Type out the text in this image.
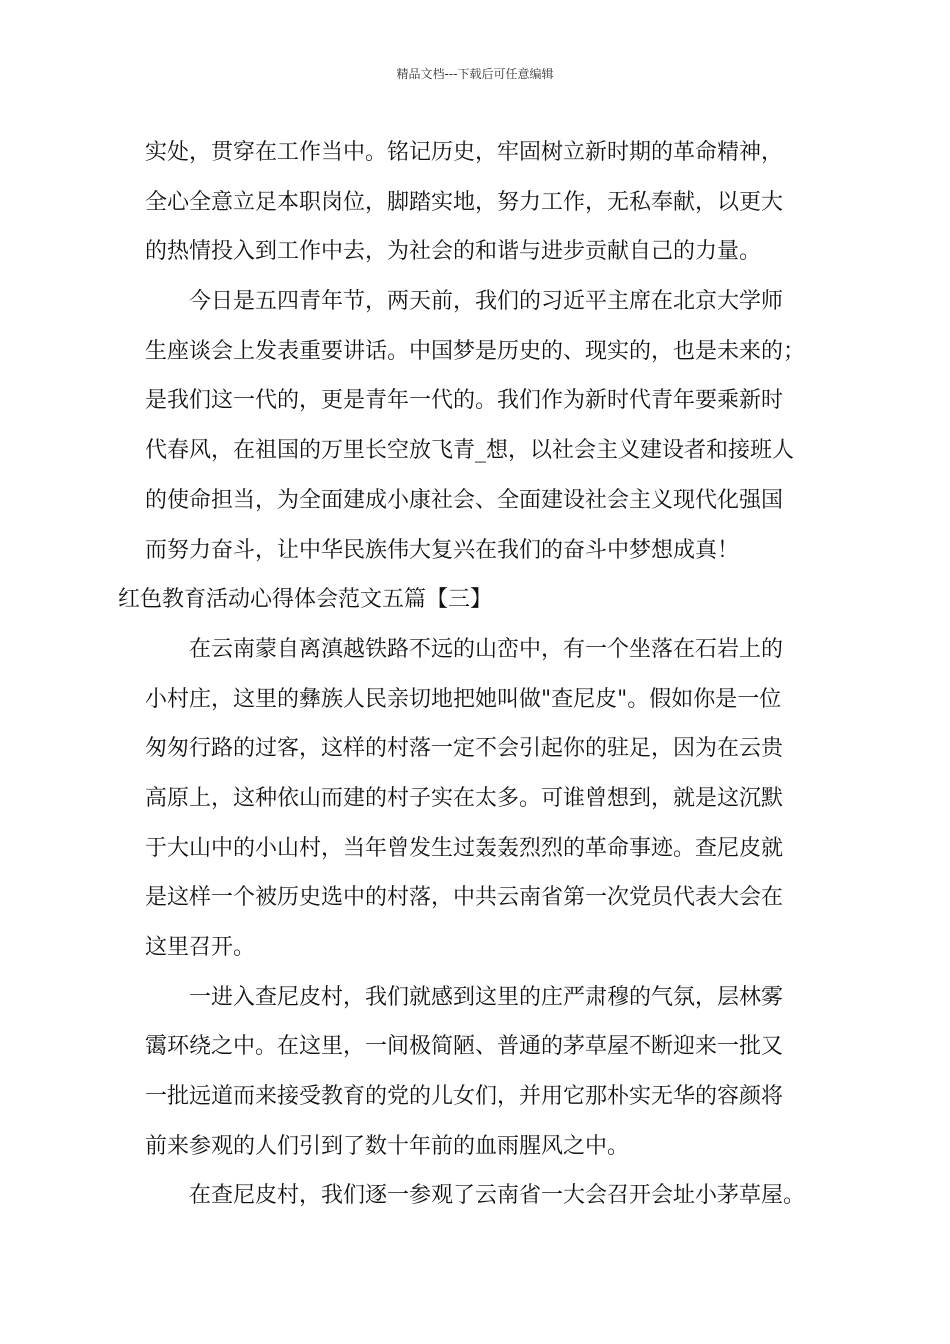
精品文档---下载后可任意编辑
实处，贯穿在工作当中。铭记历史，牢固树立新时期的革命精神，
全心全意立足本职岗位，脚踏实地，努力工作，无私奉献，以更大
的热情投入到工作中去，为社会的和谐与进步贡献自己的力量。
今日是五四青年节，两天前，我们的习近平主席在北京大学师
生座谈会上发表重要讲话。中国梦是历史的、现实的，也是未来的；
是我们这一代的，更是青年一代的。我们作为新时代青年要乘新时
代春风，在祖国的万里长空放飞青_想，以社会主义建设者和接班人
的使命担当，为全面建成小康社会、全面建设社会主义现代化强国
而努力奋斗，让中华民族伟大复兴在我们的奋斗中梦想成真！
红色教育活动心得体会范文五篇【三】
在云南蒙自离滇越铁路不远的山峦中，有一个坐落在石岩上的
小村庄，这里的彝族人民亲切地把她叫做"查尼皮"。假如你是一位
匆匆行路的过客，这样的村落一定不会引起你的驻足，因为在云贵
高原上，这种依山而建的村子实在太多。可谁曾想到，就是这沉默
于大山中的小山村，当年曾发生过轰轰烈烈的革命事迹。查尼皮就
是这样一个被历史选中的村落，中共云南省第一次党员代表大会在
这里召开。
一进入查尼皮村，我们就感到这里的庄严肃穆的气氛，层林雾
霭环绕之中。在这里，一间极简陋、普通的茅草屋不断迎来一批又
一批远道而来接受教育的党的儿女们，并用它那朴实无华的容颜将
前来参观的人们引到了数十年前的血雨腥风之中。
在查尼皮村，我们逐一参观了云南省一大会召开会址小茅草屋。
